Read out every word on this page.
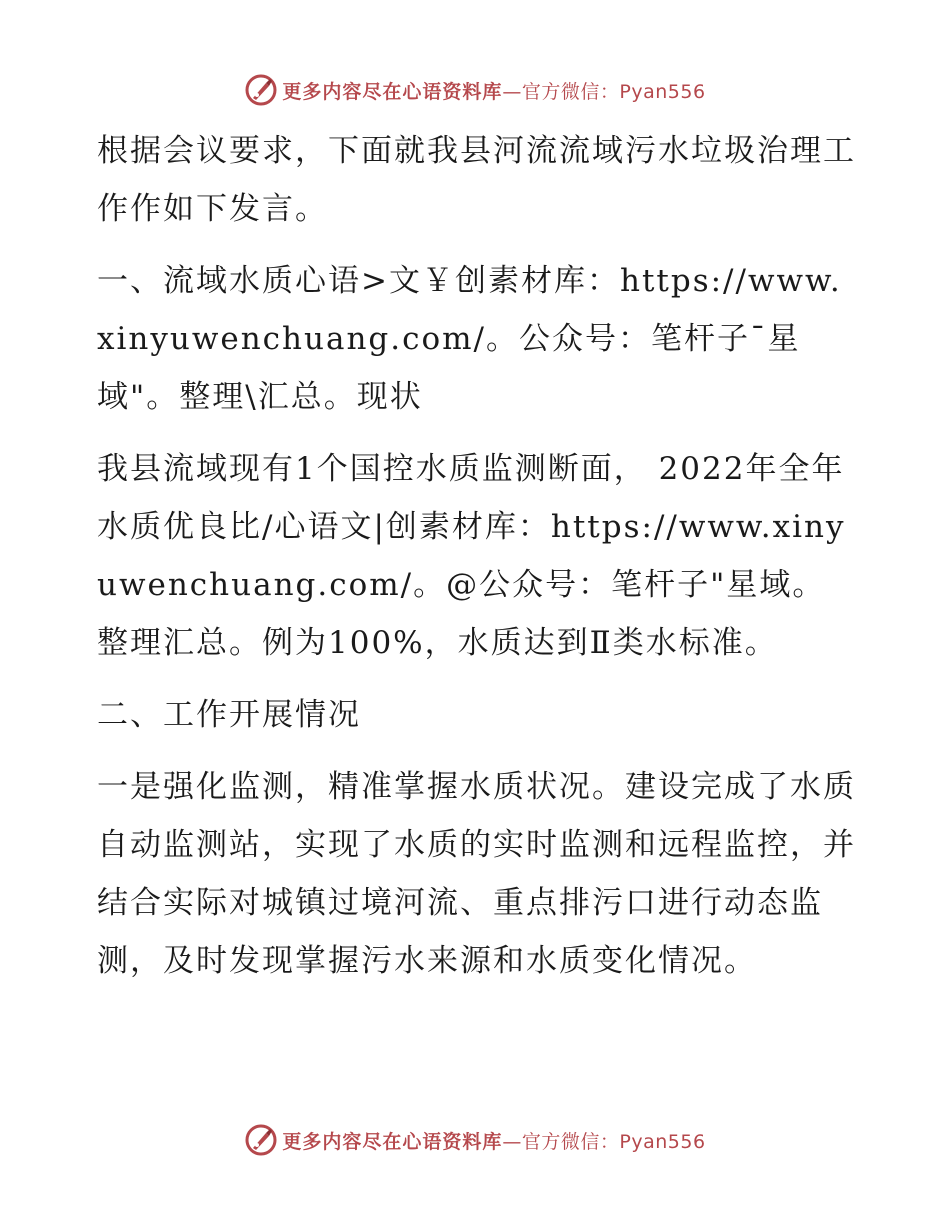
更多内容尽在心语资料库 —官方微信：Pyan556

根据会议要求，下面就我县河流流域污水垃圾治理工作作如下发言。

一、流域水质心语>文￥创素材库：https://www.xinyuwenchuang.com/。公众号：笔杆子¯星域"。整理\汇总。现状

我县流域现有1个国控水质监测断面， 2022年全年水质优良比/心语文|创素材库：https://www.xinyuwenchuang.com/。@公众号：笔杆子"星域。整理汇总。例为100%，水质达到Ⅱ类水标准。

二、工作开展情况

一是强化监测，精准掌握水质状况。建设完成了水质自动监测站，实现了水质的实时监测和远程监控，并结合实际对城镇过境河流、重点排污口进行动态监测，及时发现掌握污水来源和水质变化情况。

更多内容尽在心语资料库 —官方微信：Pyan556
